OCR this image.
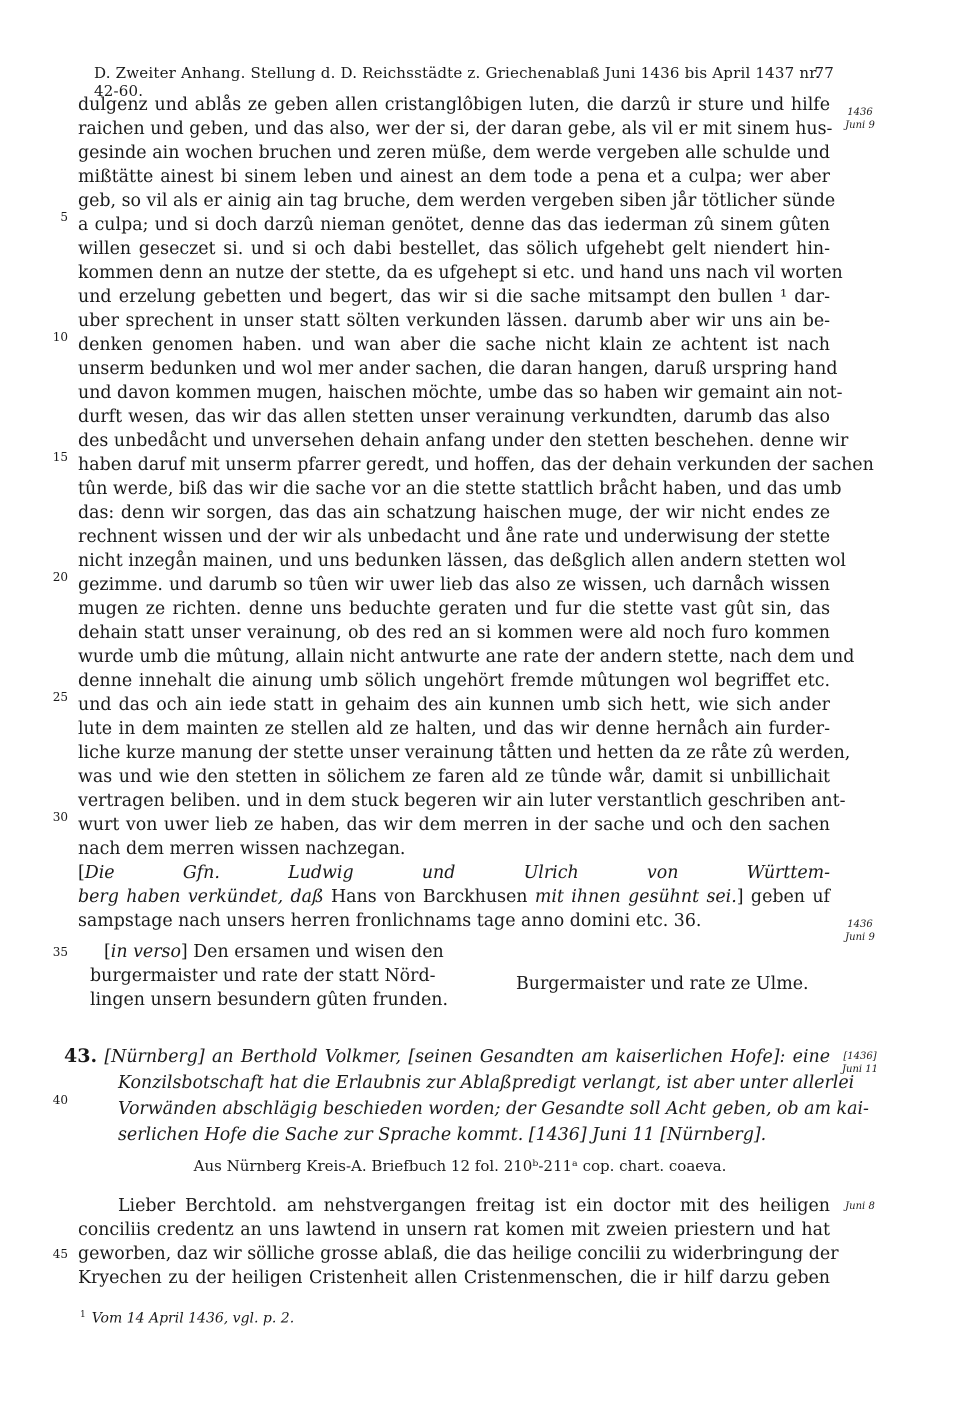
D. Zweiter Anhang. Stellung d. D. Reichsstädte z. Griechenablaß Juni 1436 bis April 1437 nr. 42-60.
77
dulgenz und ablås ze geben allen cristanglôbigen luten, die darzû ir sture und hilfe
raichen und geben, und das also, wer der si, der daran gebe, als vil er mit sinem hus-
gesinde ain wochen bruchen und zeren müße, dem werde vergeben alle schulde und
mißtätte ainest bi sinem leben und ainest an dem tode a pena et a culpa; wer aber
geb, so vil als er ainig ain tag bruche, dem werden vergeben siben jår tötlicher sünde
a culpa; und si doch darzû nieman genötet, denne das das iederman zû sinem gûten
willen geseczet si. und si och dabi bestellet, das sölich ufgehebt gelt niendert hin-
kommen denn an nutze der stette, da es ufgehept si etc. und hand uns nach vil worten
und erzelung gebetten und begert, das wir si die sache mitsampt den bullen ¹ dar-
uber sprechent in unser statt sölten verkunden lässen. darumb aber wir uns ain be-
denken genomen haben. und wan aber die sache nicht klain ze achtent ist nach
unserm bedunken und wol mer ander sachen, die daran hangen, daruß urspring hand
und davon kommen mugen, haischen möchte, umbe das so haben wir gemaint ain not-
durft wesen, das wir das allen stetten unser verainung verkundten, darumb das also
des unbedåcht und unversehen dehain anfang under den stetten beschehen. denne wir
haben daruf mit unserm pfarrer geredt, und hoffen, das der dehain verkunden der sachen
tûn werde, biß das wir die sache vor an die stette stattlich bråcht haben, und das umb
das: denn wir sorgen, das das ain schatzung haischen muge, der wir nicht endes ze
rechnent wissen und der wir als unbedacht und åne rate und underwisung der stette
nicht inzegån mainen, und uns bedunken lässen, das deßglich allen andern stetten wol
gezimme. und darumb so tûen wir uwer lieb das also ze wissen, uch darnåch wissen
mugen ze richten. denne uns beduchte geraten und fur die stette vast gût sin, das
dehain statt unser verainung, ob des red an si kommen were ald noch furo kommen
wurde umb die mûtung, allain nicht antwurte ane rate der andern stette, nach dem und
denne innehalt die ainung umb sölich ungehört fremde mûtungen wol begriffet etc.
und das och ain iede statt in gehaim des ain kunnen umb sich hett, wie sich ander
lute in dem mainten ze stellen ald ze halten, und das wir denne hernåch ain furder-
liche kurze manung der stette unser verainung tåtten und hetten da ze råte zû werden,
was und wie den stetten in sölichem ze faren ald ze tûnde wår, damit si unbillichait
vertragen beliben. und in dem stuck begeren wir ain luter verstantlich geschriben ant-
wurt von uwer lieb ze haben, das wir dem merren in der sache und och den sachen
nach dem merren wissen nachzegan.
[Die Gfn. Ludwig und Ulrich von Württem-
berg haben verkündet, daß Hans von Barckhusen mit ihnen gesühnt sei.] geben uf
sampstage nach unsers herren fronlichnams tage anno domini etc. 36.
[in verso] Den ersamen und wisen den
burgermaister und rate der statt Nörd-
lingen unsern besundern gûten frunden.
Burgermaister und rate ze Ulme.
43. [Nürnberg] an Berthold Volkmer, [seinen Gesandten am kaiserlichen Hofe]: eine
Konzilsbotschaft hat die Erlaubnis zur Ablaßpredigt verlangt, ist aber unter allerlei
Vorwänden abschlägig beschieden worden; der Gesandte soll Acht geben, ob am kai-
serlichen Hofe die Sache zur Sprache kommt. [1436] Juni 11 [Nürnberg].
Aus Nürnberg Kreis-A. Briefbuch 12 fol. 210ᵇ-211ᵃ cop. chart. coaeva.
Lieber Berchtold. am nehstvergangen freitag ist ein doctor mit des heiligen
conciliis credentz an uns lawtend in unsern rat komen mit zweien priestern und hat
geworben, daz wir sölliche grosse ablaß, die das heilige concilii zu widerbringung der
Kryechen zu der heiligen Cristenheit allen Cristenmenschen, die ir hilf darzu geben
5
10
15
20
25
30
35
40
45
1436
Juni 9
1436
Juni 9
[1436]
Juni 11
Juni 8
$^1$ Vom 14 April 1436, vgl. p. 2.
